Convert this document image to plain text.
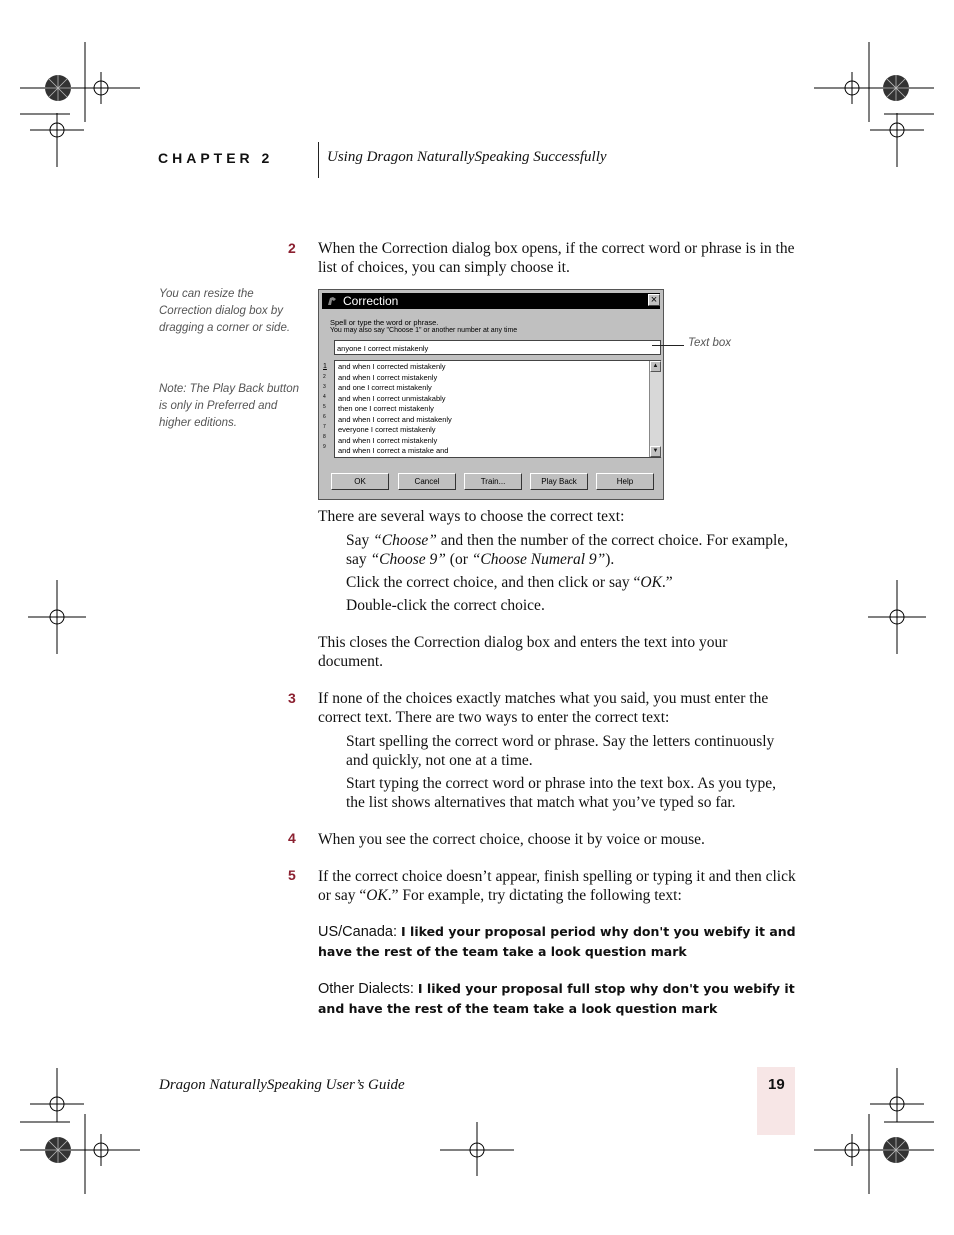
CHAPTER 2	Using Dragon NaturallySpeaking Successfully
You can resize the Correction dialog box by dragging a corner or side.
Note: The Play Back button is only in Preferred and higher editions.
2 When the Correction dialog box opens, if the correct word or phrase is in the list of choices, you can simply choose it.
Correction	×
Spell or type the word or phrase.
You may also say "Choose 1" or another number at any time
anyone I correct mistakenly
1
2
3
4
5
6
7
8
9
and when I corrected mistakenly
and when I correct mistakenly
and one I correct mistakenly
and when I correct unmistakably
then one I correct mistakenly
and when I correct and mistakenly
everyone I correct mistakenly
and when I correct mistakenly
and when I correct a mistake and
▲
▼
OK	Cancel	Train...	Play Back	Help
Text box
There are several ways to choose the correct text:
Say “Choose” and then the number of the correct choice. For example, say “Choose 9” (or “Choose Numeral 9”).
Click the correct choice, and then click or say “OK.”
Double-click the correct choice.
This closes the Correction dialog box and enters the text into your document.
3 If none of the choices exactly matches what you said, you must enter the correct text. There are two ways to enter the correct text:
Start spelling the correct word or phrase. Say the letters continuously and quickly, not one at a time.
Start typing the correct word or phrase into the text box. As you type, the list shows alternatives that match what you’ve typed so far.
4 When you see the correct choice, choose it by voice or mouse.
5 If the correct choice doesn’t appear, finish spelling or typing it and then click or say “OK.” For example, try dictating the following text:
US/Canada: I liked your proposal period why don't you webify it and have the rest of the team take a look question mark
Other Dialects: I liked your proposal full stop why don't you webify it and have the rest of the team take a look question mark
Dragon NaturallySpeaking User’s Guide	19
